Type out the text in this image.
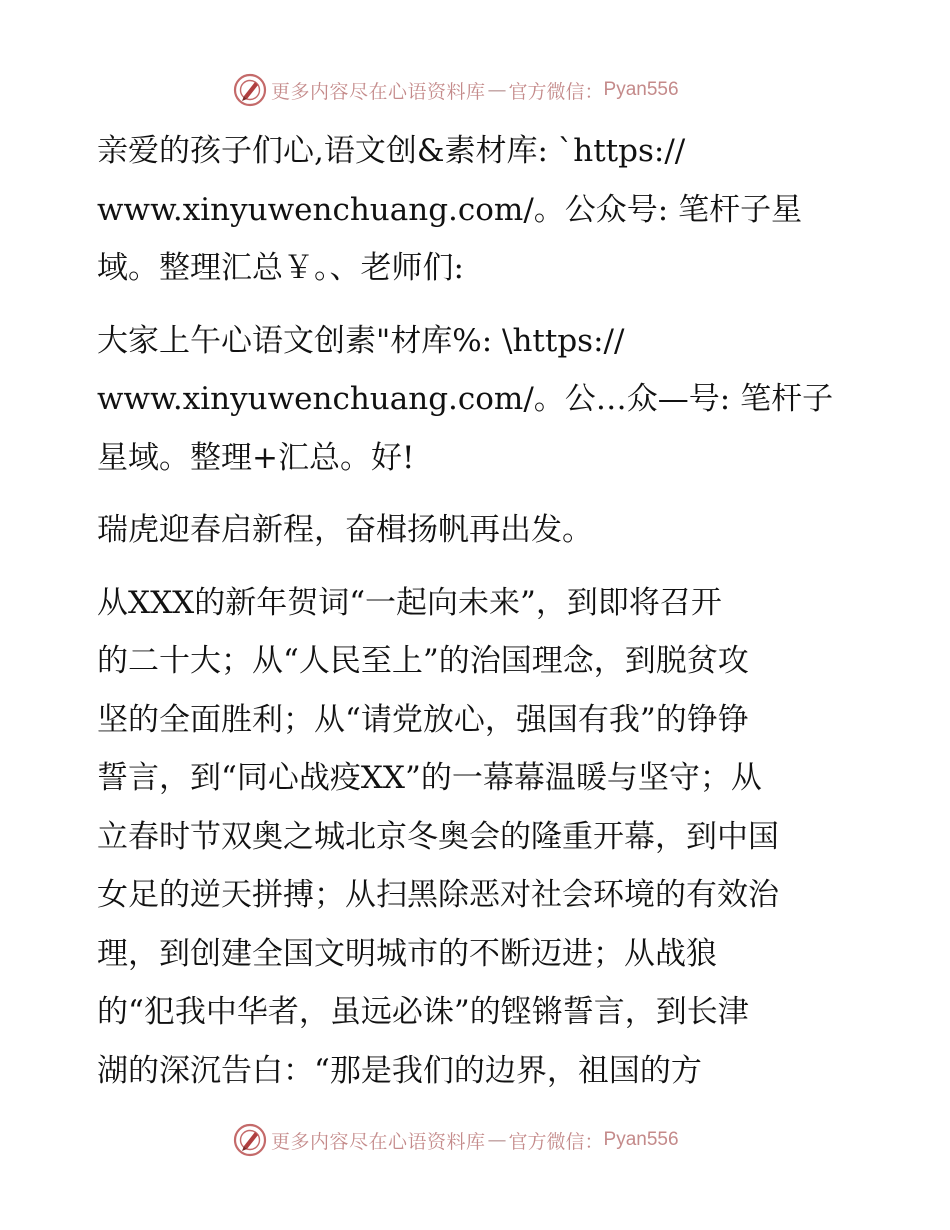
更多内容尽在心语资料库 — 官方微信： Pyan556

亲爱的孩子们心,语文创&素材库: `https://
www.xinyuwenchuang.com/。公众号: 笔杆子星
域。整理汇总￥。、老师们:

大家上午心语文创素"材库%: \https://
www.xinyuwenchuang.com/。公…众—号: 笔杆子
星域。整理+汇总。好!

瑞虎迎春启新程，奋楫扬帆再出发。

从XXX的新年贺词“一起向未来”，到即将召开
的二十大；从“人民至上”的治国理念，到脱贫攻
坚的全面胜利；从“请党放心，强国有我”的铮铮
誓言，到“同心战疫XX”的一幕幕温暖与坚守；从
立春时节双奥之城北京冬奥会的隆重开幕，到中国
女足的逆天拼搏；从扫黑除恶对社会环境的有效治
理，到创建全国文明城市的不断迈进；从战狼
的“犯我中华者，虽远必诛”的铿锵誓言，到长津
湖的深沉告白：“那是我们的边界，祖国的方

更多内容尽在心语资料库 — 官方微信： Pyan556
